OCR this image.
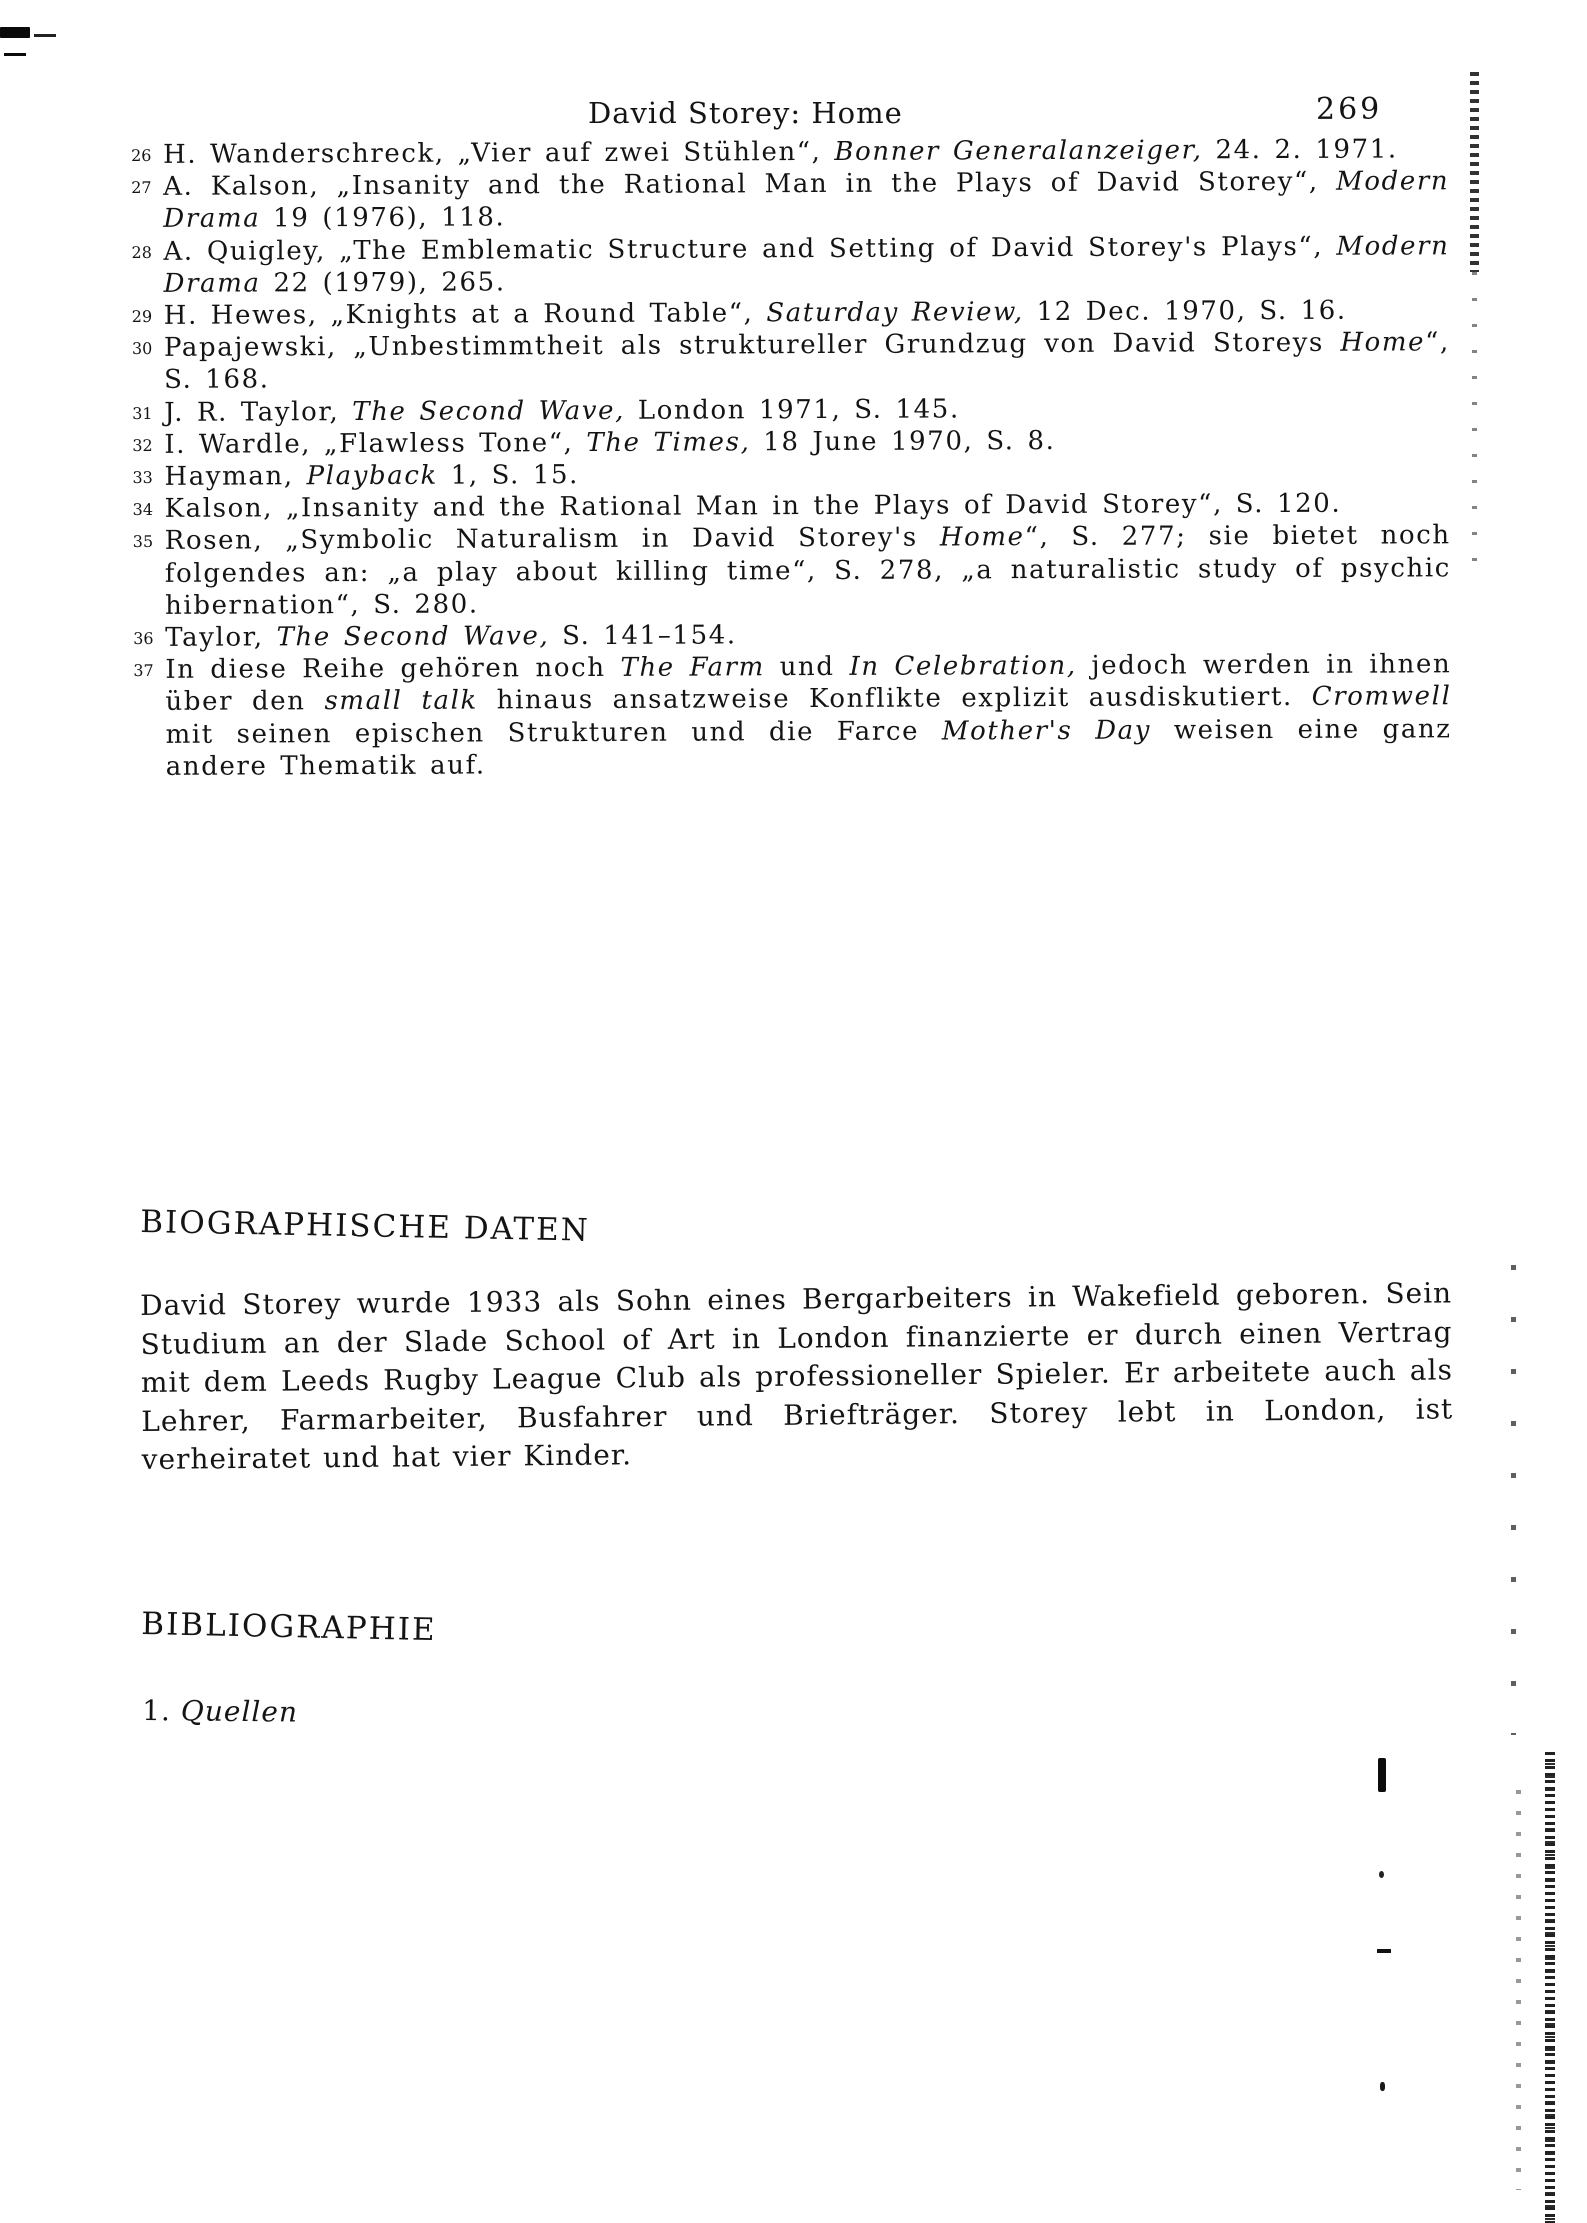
David Storey: Home	269
26 H. Wanderschreck, „Vier auf zwei Stühlen“, Bonner Generalanzeiger, 24. 2. 1971.
27 A. Kalson, „Insanity and the Rational Man in the Plays of David Storey“, Modern Drama 19 (1976), 118.
28 A. Quigley, „The Emblematic Structure and Setting of David Storey's Plays“, Modern Drama 22 (1979), 265.
29 H. Hewes, „Knights at a Round Table“, Saturday Review, 12 Dec. 1970, S. 16.
30 Papajewski, „Unbestimmtheit als struktureller Grundzug von David Storeys Home“, S. 168.
31 J. R. Taylor, The Second Wave, London 1971, S. 145.
32 I. Wardle, „Flawless Tone“, The Times, 18 June 1970, S. 8.
33 Hayman, Playback 1, S. 15.
34 Kalson, „Insanity and the Rational Man in the Plays of David Storey“, S. 120.
35 Rosen, „Symbolic Naturalism in David Storey's Home“, S. 277; sie bietet noch folgendes an: „a play about killing time“, S. 278, „a naturalistic study of psychic hibernation“, S. 280.
36 Taylor, The Second Wave, S. 141–154.
37 In diese Reihe gehören noch The Farm und In Celebration, jedoch werden in ihnen über den small talk hinaus ansatzweise Konflikte explizit ausdiskutiert. Cromwell mit seinen epischen Strukturen und die Farce Mother's Day weisen eine ganz andere Thematik auf.
BIOGRAPHISCHE DATEN

David Storey wurde 1933 als Sohn eines Bergarbeiters in Wakefield geboren. Sein Studium an der Slade School of Art in London finanzierte er durch einen Vertrag mit dem Leeds Rugby League Club als professioneller Spieler. Er arbeitete auch als Lehrer, Farmarbeiter, Busfahrer und Briefträger. Storey lebt in London, ist verheiratet und hat vier Kinder.

BIBLIOGRAPHIE
1. Quellen
